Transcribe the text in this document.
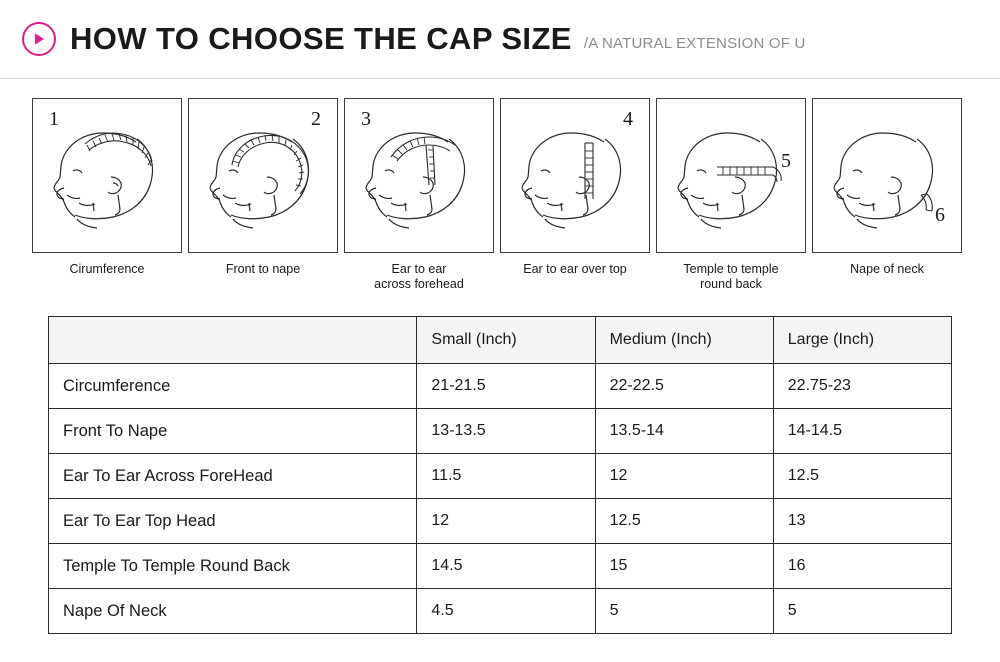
HOW TO CHOOSE THE CAP SIZE /A NATURAL EXTENSION OF U
1
Cirumference
2
Front to nape
3
Ear to ear
across forehead
4
Ear to ear over top
5
Temple to temple
round back
6
Nape of neck
	Small (Inch)	Medium (Inch)	Large (Inch)
Circumference	21-21.5	22-22.5	22.75-23
Front To Nape	13-13.5	13.5-14	14-14.5
Ear To Ear Across ForeHead	11.5	12	12.5
Ear To Ear Top Head	12	12.5	13
Temple To Temple Round Back	14.5	15	16
Nape Of Neck	4.5	5	5
